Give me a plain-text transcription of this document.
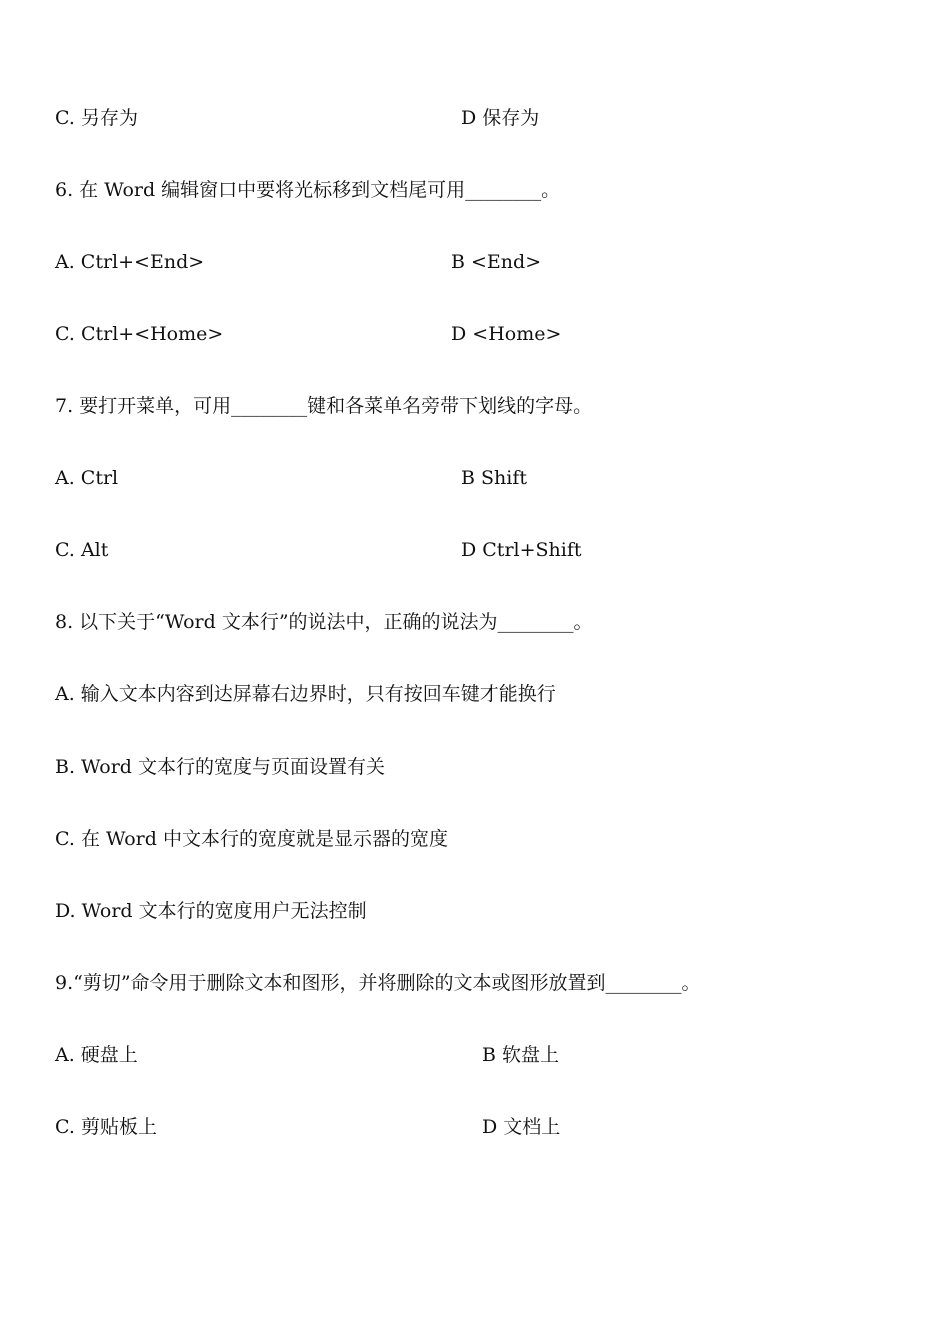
C. 另存为	D 保存为
6. 在 Word 编辑窗口中要将光标移到文档尾可用________。
A. Ctrl+<End>	B <End>
C. Ctrl+<Home>	D <Home>
7. 要打开菜单，可用________键和各菜单名旁带下划线的字母。
A. Ctrl	B Shift
C. Alt	D Ctrl+Shift
8. 以下关于“Word 文本行”的说法中，正确的说法为________。
A. 输入文本内容到达屏幕右边界时，只有按回车键才能换行
B. Word 文本行的宽度与页面设置有关
C. 在 Word 中文本行的宽度就是显示器的宽度
D. Word 文本行的宽度用户无法控制
9.“剪切”命令用于删除文本和图形，并将删除的文本或图形放置到________。
A. 硬盘上	B 软盘上
C. 剪贴板上	D 文档上
